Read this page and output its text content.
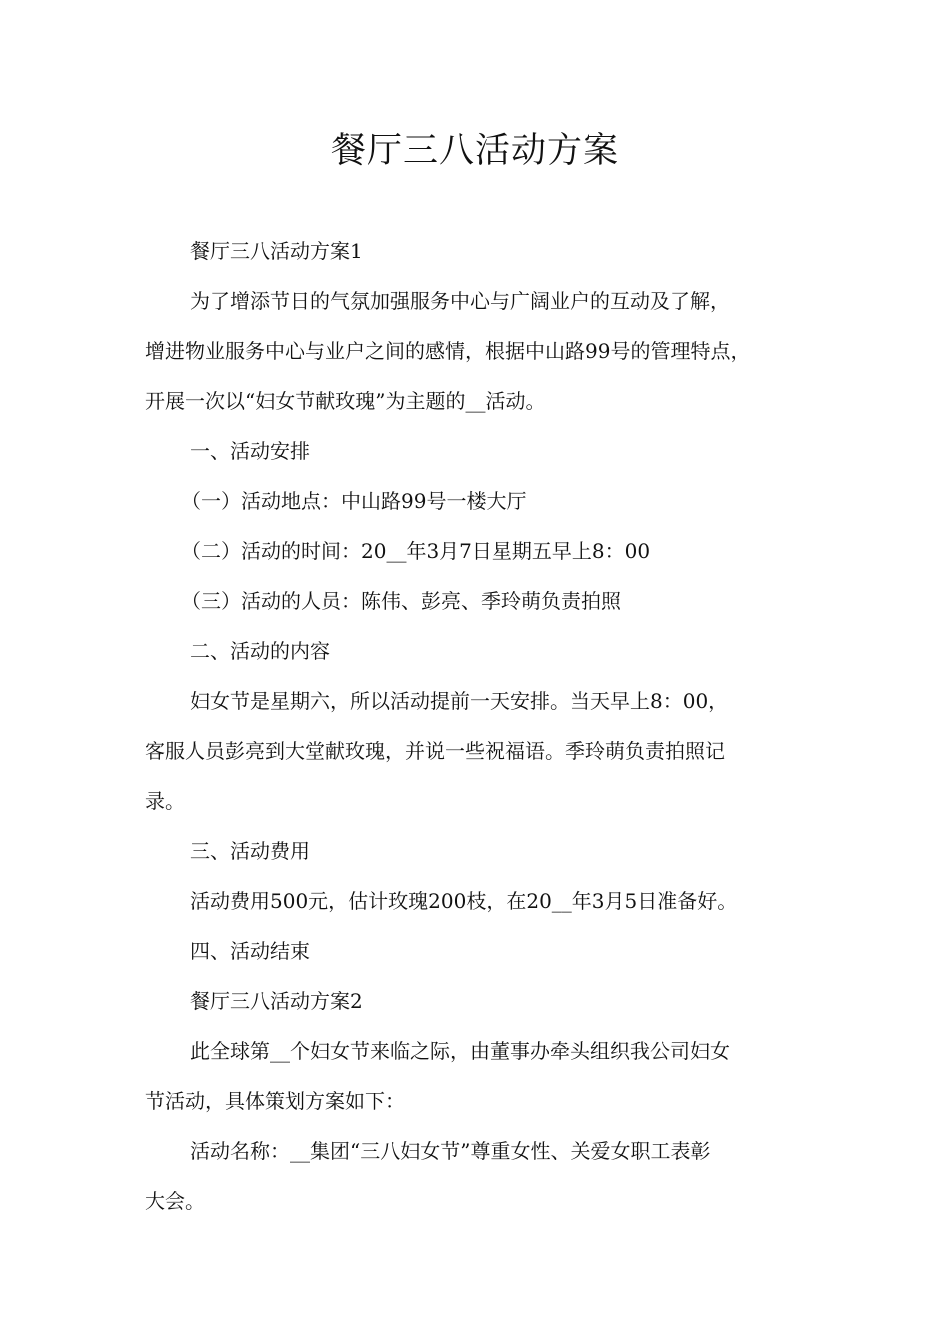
餐厅三八活动方案

餐厅三八活动方案1

为了增添节日的气氛加强服务中心与广阔业户的互动及了解，

增进物业服务中心与业户之间的感情，根据中山路99号的管理特点，

开展一次以“妇女节献玫瑰”为主题的__活动。

一、活动安排

（一）活动地点：中山路99号一楼大厅

（二）活动的时间：20__年3月7日星期五早上8：00

（三）活动的人员：陈伟、彭亮、季玲萌负责拍照

二、活动的内容

妇女节是星期六，所以活动提前一天安排。当天早上8：00，

客服人员彭亮到大堂献玫瑰，并说一些祝福语。季玲萌负责拍照记

录。

三、活动费用

活动费用500元，估计玫瑰200枝，在20__年3月5日准备好。

四、活动结束

餐厅三八活动方案2

此全球第__个妇女节来临之际，由董事办牵头组织我公司妇女

节活动，具体策划方案如下：

活动名称：__集团“三八妇女节”尊重女性、关爱女职工表彰

大会。
